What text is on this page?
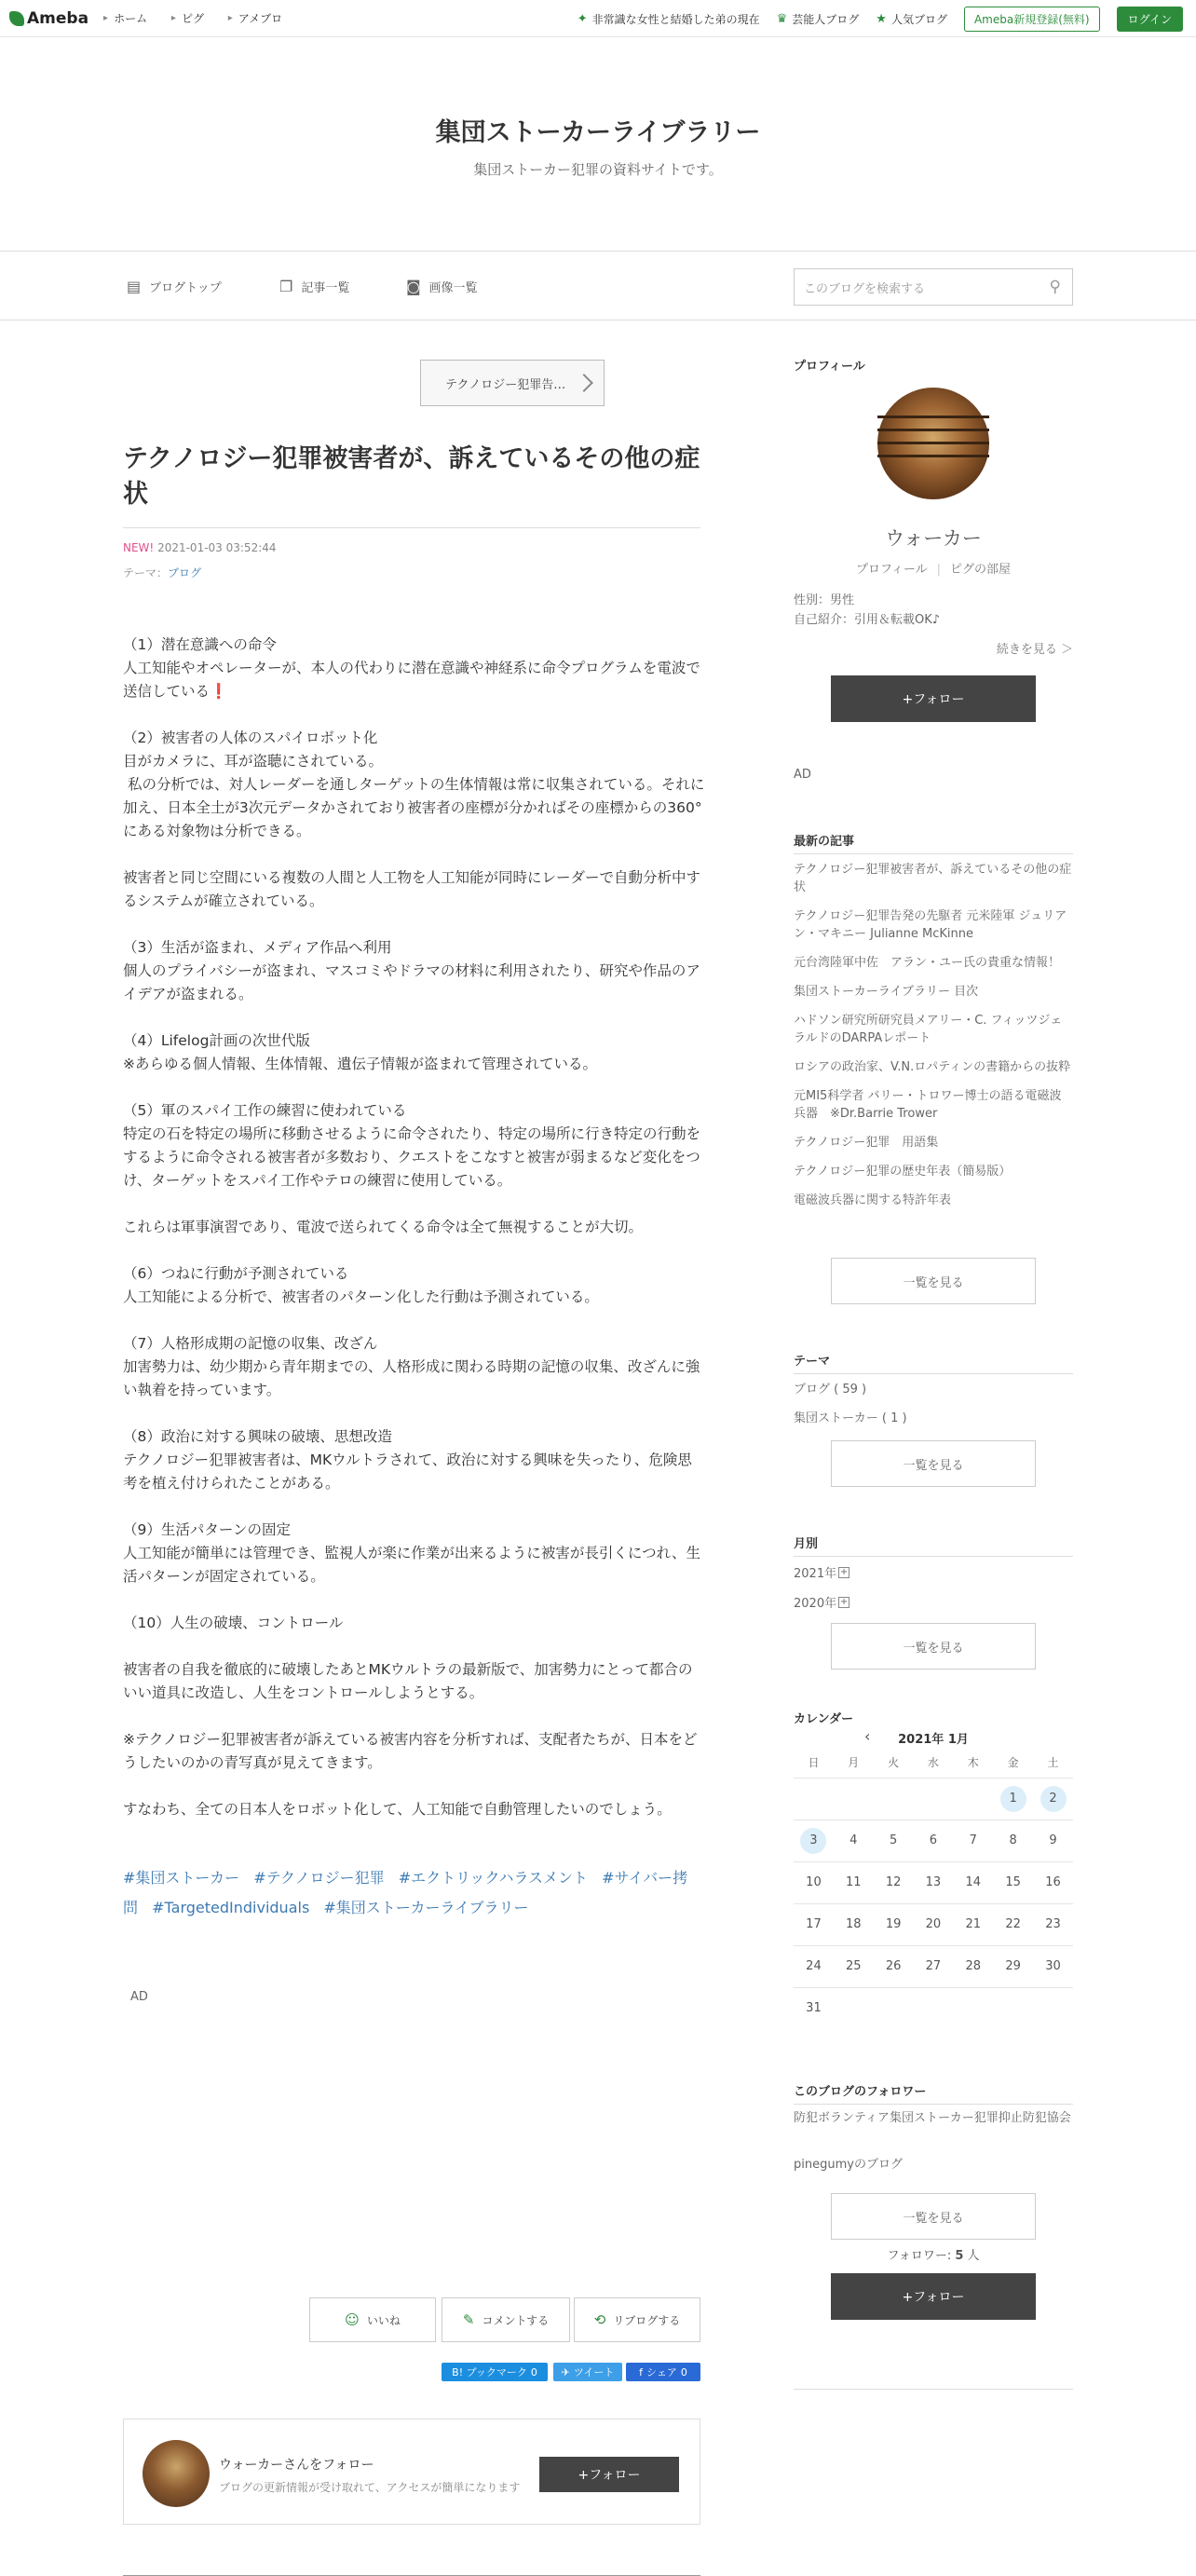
Ameba	▸ ホーム	▸ ピグ	▸ アメブロ	✦ 非常識な女性と結婚した弟の現在 ♛ 芸能人ブログ ★ 人気ブログ	Ameba新規登録(無料)	ログイン
集団ストーカーライブラリー
集団ストーカー犯罪の資料サイトです。
▤ ブログトップ	❐ 記事一覧	◙ 画像一覧	このブログを検索する	⚲
テクノロジー犯罪告…
テクノロジー犯罪被害者が、訴えているその他の症状
NEW! 2021-01-03 03:52:44
テーマ：ブログ

（1）潜在意識への命令
人工知能やオペレーターが、本人の代わりに潜在意識や神経系に命令プログラムを電波で送信している❗

（2）被害者の人体のスパイロボット化
目がカメラに、耳が盗聴にされている。
私の分析では、対人レーダーを通しターゲットの生体情報は常に収集されている。それに加え、日本全土が3次元データかされており被害者の座標が分かればその座標からの360°にある対象物は分析できる。

被害者と同じ空間にいる複数の人間と人工物を人工知能が同時にレーダーで自動分析中するシステムが確立されている。

（3）生活が盗まれ、メディア作品へ利用
個人のプライバシーが盗まれ、マスコミやドラマの材料に利用されたり、研究や作品のアイデアが盗まれる。

（4）Lifelog計画の次世代版
※あらゆる個人情報、生体情報、遺伝子情報が盗まれて管理されている。

（5）軍のスパイ工作の練習に使われている
特定の石を特定の場所に移動させるように命令されたり、特定の場所に行き特定の行動をするように命令される被害者が多数おり、クエストをこなすと被害が弱まるなど変化をつけ、ターゲットをスパイ工作やテロの練習に使用している。

これらは軍事演習であり、電波で送られてくる命令は全て無視することが大切。

（6）つねに行動が予測されている
人工知能による分析で、被害者のパターン化した行動は予測されている。

（7）人格形成期の記憶の収集、改ざん
加害勢力は、幼少期から青年期までの、人格形成に関わる時期の記憶の収集、改ざんに強い執着を持っています。

（8）政治に対する興味の破壊、思想改造
テクノロジー犯罪被害者は、MKウルトラされて、政治に対する興味を失ったり、危険思考を植え付けられたことがある。

（9）生活パターンの固定
人工知能が簡単には管理でき、監視人が楽に作業が出来るように被害が長引くにつれ、生活パターンが固定されている。

（10）人生の破壊、コントロール

被害者の自我を徹底的に破壊したあとMKウルトラの最新版で、加害勢力にとって都合のいい道具に改造し、人生をコントロールしようとする。

※テクノロジー犯罪被害者が訴えている被害内容を分析すれば、支配者たちが、日本をどうしたいのかの青写真が見えてきます。

すなわち、全ての日本人をロボット化して、人工知能で自動管理したいのでしょう。

#集団ストーカー #テクノロジー犯罪 #エクトリックハラスメント #サイバー拷問 #TargetedIndividuals #集団ストーカーライブラリー
AD
☺ いいね	✎ コメントする	⟲ リブログする
B! ブックマーク 0 ✈ ツイート f シェア 0
ウォーカーさんをフォロー
ブログの更新情報が受け取れて、アクセスが簡単になります
+フォロー
プロフィール
ウォーカー
プロフィール | ピグの部屋
性別：男性
自己紹介：引用＆転載OK♪
続きを見る ＞
+フォロー
AD
最新の記事
テクノロジー犯罪被害者が、訴えているその他の症状
テクノロジー犯罪告発の先駆者 元米陸軍 ジュリアン・マキニー Julianne McKinne
元台湾陸軍中佐　アラン・ユー氏の貴重な情報！
集団ストーカーライブラリー 目次
ハドソン研究所研究員メアリー・C. フィッツジェラルドのDARPAレポート
ロシアの政治家、V.N.ロパティンの書籍からの抜粋
元MI5科学者 バリー・トロワー博士の語る電磁波兵器　※Dr.Barrie Trower
テクノロジー犯罪　用語集
テクノロジー犯罪の歴史年表（簡易版）
電磁波兵器に関する特許年表
一覧を見る
テーマ
ブログ ( 59 )
集団ストーカー ( 1 )
一覧を見る
月別
2021年 +
2020年 +
一覧を見る
カレンダー
‹	2021年 1月
日	月	火	水	木	金	土
					1	2
3	4	5	6	7	8	9
10	11	12	13	14	15	16
17	18	19	20	21	22	23
24	25	26	27	28	29	30
31						
このブログのフォロワー
防犯ボランティア集団ストーカー犯罪抑止防犯協会
pinegumyのブログ
一覧を見る
フォロワー: 5 人
+フォロー
